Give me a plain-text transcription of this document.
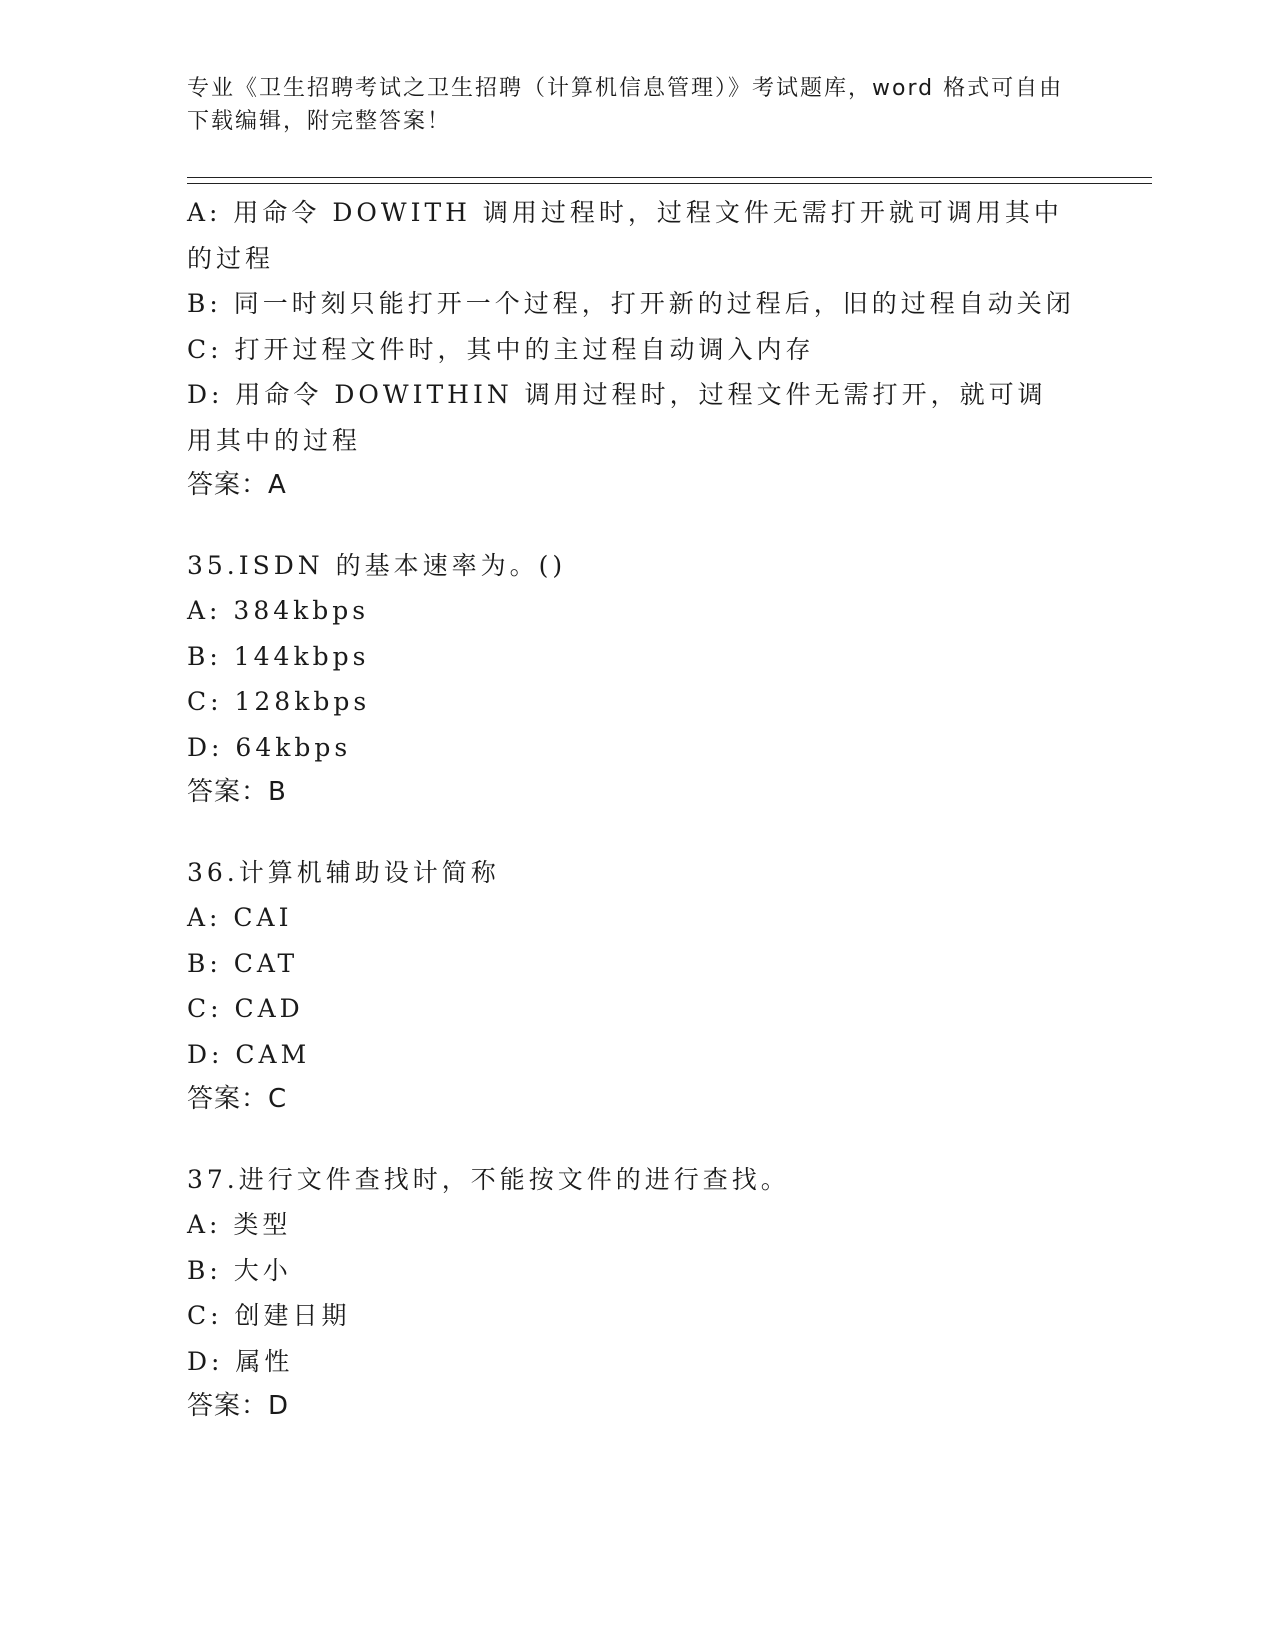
专业《卫生招聘考试之卫生招聘（计算机信息管理）》考试题库，word 格式可自由下载编辑，附完整答案！
A: 用命令 DOWITH 调用过程时，过程文件无需打开就可调用其中的过程
B: 同一时刻只能打开一个过程，打开新的过程后，旧的过程自动关闭
C: 打开过程文件时，其中的主过程自动调入内存
D: 用命令 DOWITHIN 调用过程时，过程文件无需打开，就可调用其中的过程
答案：A
35.ISDN 的基本速率为。()
A: 384kbps
B: 144kbps
C: 128kbps
D: 64kbps
答案：B
36.计算机辅助设计简称
A: CAI
B: CAT
C: CAD
D: CAM
答案：C
37.进行文件查找时，不能按文件的进行查找。
A: 类型
B: 大小
C: 创建日期
D: 属性
答案：D
